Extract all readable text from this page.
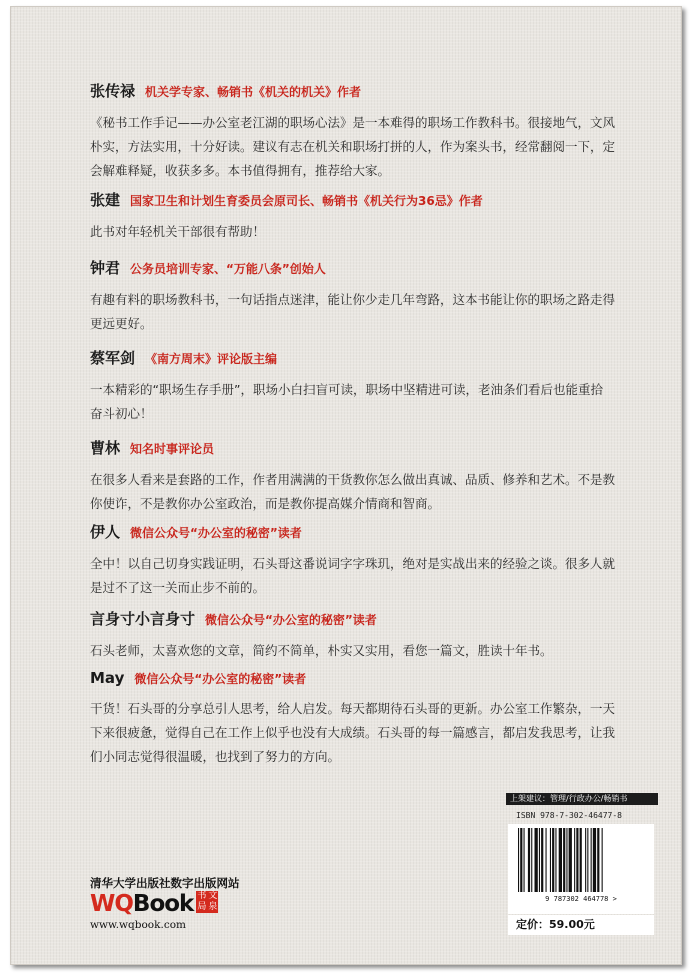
张传禄 机关学专家、畅销书《机关的机关》作者
《秘书工作手记——办公室老江湖的职场心法》是一本难得的职场工作教科书。很接地气，文风
朴实，方法实用，十分好读。建议有志在机关和职场打拼的人，作为案头书，经常翻阅一下，定
会解难释疑，收获多多。本书值得拥有，推荐给大家。
张建 国家卫生和计划生育委员会原司长、畅销书《机关行为36忌》作者
此书对年轻机关干部很有帮助！
钟君 公务员培训专家、“万能八条”创始人
有趣有料的职场教科书，一句话指点迷津，能让你少走几年弯路，这本书能让你的职场之路走得
更远更好。
蔡军剑 《南方周末》评论版主编
一本精彩的“职场生存手册”，职场小白扫盲可读，职场中坚精进可读，老油条们看后也能重拾
奋斗初心！
曹林 知名时事评论员
在很多人看来是套路的工作，作者用满满的干货教你怎么做出真诚、品质、修养和艺术。不是教
你使诈，不是教你办公室政治，而是教你提高媒介情商和智商。
伊人 微信公众号“办公室的秘密”读者
全中！以自己切身实践证明，石头哥这番说词字字珠玑，绝对是实战出来的经验之谈。很多人就
是过不了这一关而止步不前的。
言身寸小言身寸 微信公众号“办公室的秘密”读者
石头老师，太喜欢您的文章，简约不简单，朴实又实用，看您一篇文，胜读十年书。
May 微信公众号“办公室的秘密”读者
干货！石头哥的分享总引人思考，给人启发。每天都期待石头哥的更新。办公室工作繁杂，一天
下来很疲惫，觉得自己在工作上似乎也没有大成绩。石头哥的每一篇感言，都启发我思考，让我
们小同志觉得很温暖，也找到了努力的方向。
上架建议：管理/行政办公/畅销书
ISBN 978-7-302-46477-8
9 787302 464778 >
定价：59.00元
清华大学出版社数字出版网站
WQ Book 书 文
局 泉
www.wqbook.com
